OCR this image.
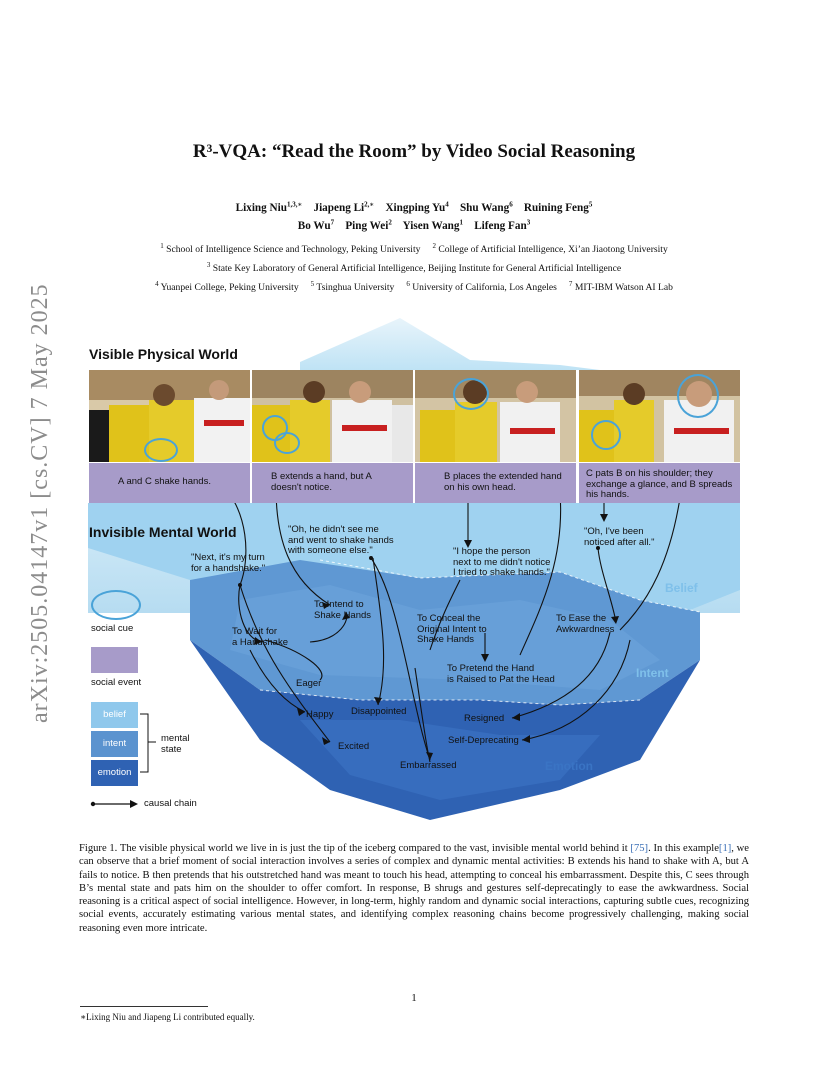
arXiv:2505.04147v1 [cs.CV] 7 May 2025
R³-VQA: “Read the Room” by Video Social Reasoning
Lixing Niu$^{1,3,∗}$ Jiapeng $Li^{2,∗}$ Xingping Yu$^4$ Shu Wang$^6$ Ruining Feng$^5$
Bo Wu$^7$ Ping Wei$^2$ Yisen Wang$^1$ Lifeng Fan$^3$
$^1$ School of Intelligence Science and Technology, Peking University $^2$ College of Artificial Intelligence, Xi’an Jiaotong University
$^3$ State Key Laboratory of General Artificial Intelligence, Beijing Institute for General Artificial Intelligence
$^4$ Yuanpei College, Peking University $^5$ Tsinghua University $^6$ University of California, Los Angeles $^7$ MIT-IBM Watson AI Lab
Visible Physical World
Invisible Mental World
A and C shake hands.	B extends a hand, but A doesn't notice.
B places the extended hand on his own head.
C pats B on his shoulder; they exchange a glance, and B spreads his hands.
"Next, it's my turn
for a handshake."
"Oh, he didn't see me
and went to shake hands
with someone else."	"I hope the person
next to me didn't notice
I tried to shake hands."
"Oh, I've been
noticed after all."
To Intend to
Shake Hands
To Wait for
a Handshake
To Conceal the
Original Intent to
Shake Hands
To Ease the
Awkwardness
To Pretend the Hand
is Raised to Pat the Head
Eager
Happy Disappointed
Excited
Embarrassed
Resigned
Self-Deprecating
Belief
Intent
Emotion
social cue
social event
belief
intent
emotion
mental
state
causal chain
Figure 1. The visible physical world we live in is just the tip of the iceberg compared to the vast, invisible mental world behind it [75]. In this example[1], we can observe that a brief moment of social interaction involves a series of complex and dynamic mental activities: B extends his hand to shake with A, but A fails to notice. B then pretends that his outstretched hand was meant to touch his head, attempting to conceal his embarrassment. Despite this, C sees through B’s mental state and pats him on the shoulder to offer comfort. In response, B shrugs and gestures self-deprecatingly to ease the awkwardness. Social reasoning is a critical aspect of social intelligence. However, in long-term, highly random and dynamic social interactions, capturing subtle cues, recognizing social events, accurately estimating various mental states, and identifying complex reasoning chains become progressively challenging, making social reasoning even more intricate.
1
∗Lixing Niu and Jiapeng Li contributed equally.
